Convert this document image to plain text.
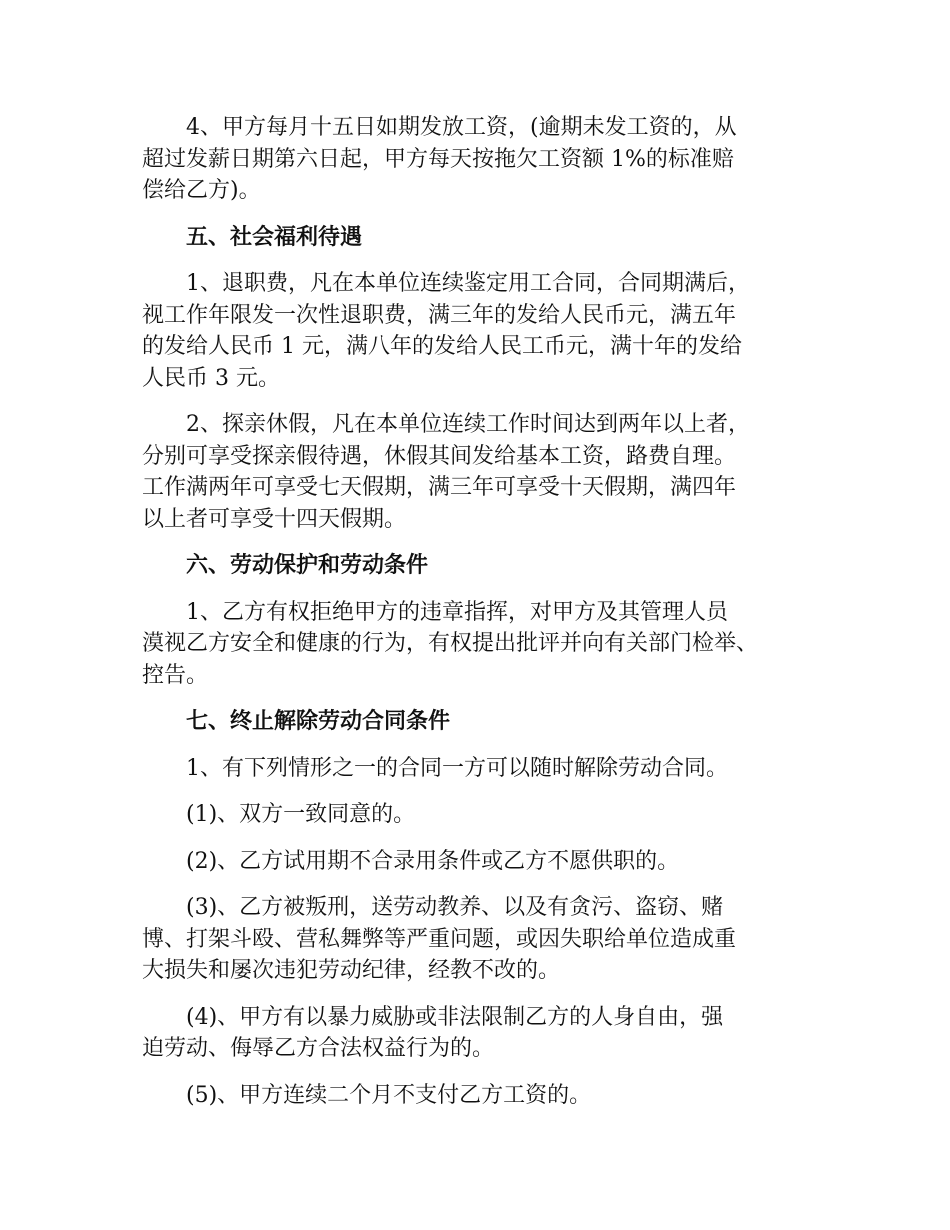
4、甲方每月十五日如期发放工资，(逾期未发工资的，从
超过发薪日期第六日起，甲方每天按拖欠工资额 1%的标准赔
偿给乙方)。
五、社会福利待遇
1、退职费，凡在本单位连续鉴定用工合同，合同期满后，
视工作年限发一次性退职费，满三年的发给人民币元，满五年
的发给人民币 1 元，满八年的发给人民工币元，满十年的发给
人民币 3 元。
2、探亲休假，凡在本单位连续工作时间达到两年以上者，
分别可享受探亲假待遇，休假其间发给基本工资，路费自理。
工作满两年可享受七天假期，满三年可享受十天假期，满四年
以上者可享受十四天假期。
六、劳动保护和劳动条件
1、乙方有权拒绝甲方的违章指挥，对甲方及其管理人员
漠视乙方安全和健康的行为，有权提出批评并向有关部门检举、
控告。
七、终止解除劳动合同条件
1、有下列情形之一的合同一方可以随时解除劳动合同。
(1)、双方一致同意的。
(2)、乙方试用期不合录用条件或乙方不愿供职的。
(3)、乙方被叛刑，送劳动教养、以及有贪污、盗窃、赌
博、打架斗殴、营私舞弊等严重问题，或因失职给单位造成重
大损失和屡次违犯劳动纪律，经教不改的。
(4)、甲方有以暴力威胁或非法限制乙方的人身自由，强
迫劳动、侮辱乙方合法权益行为的。
(5)、甲方连续二个月不支付乙方工资的。
